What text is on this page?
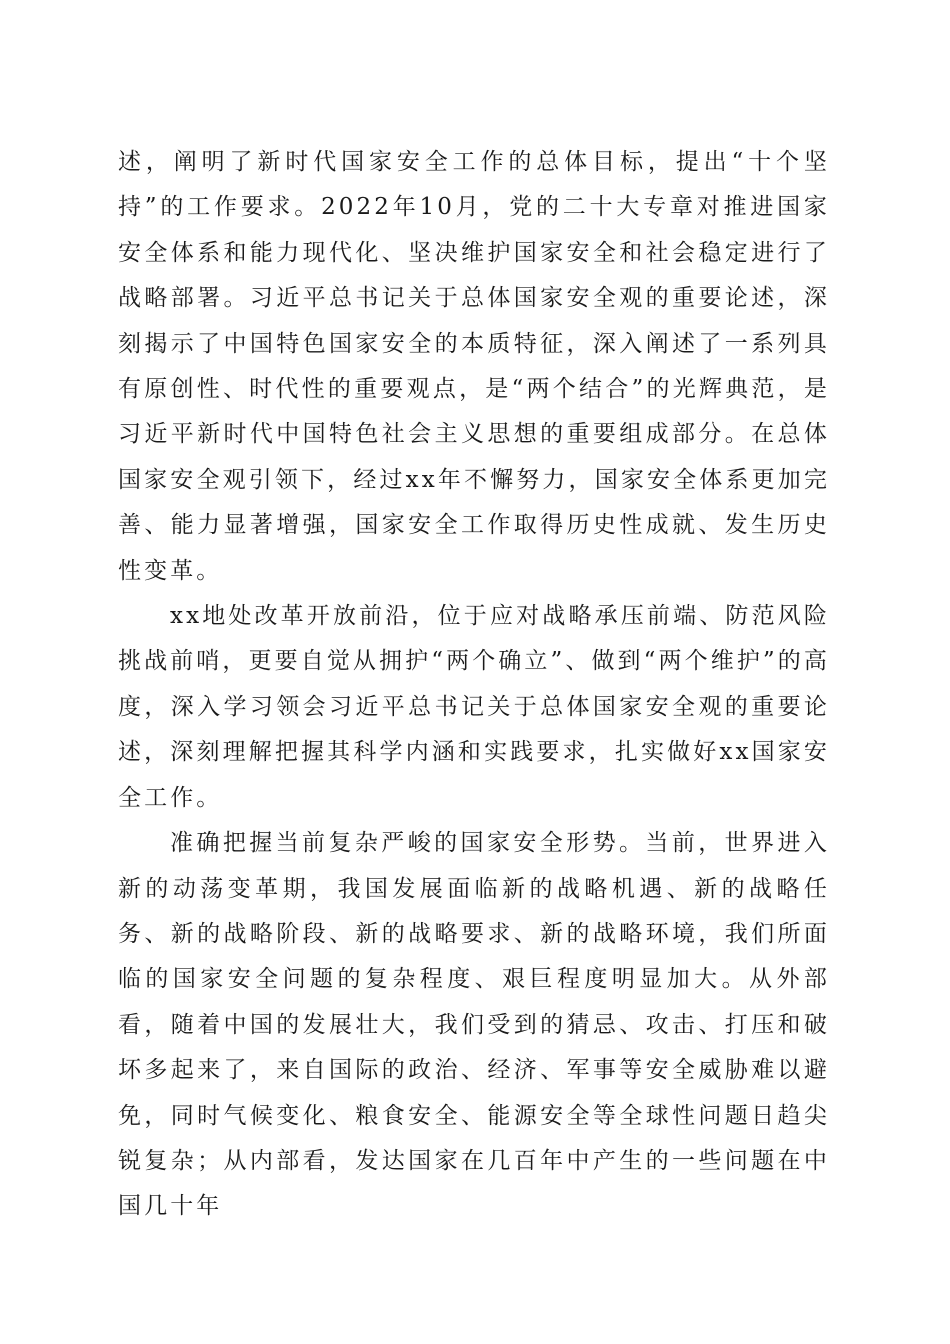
述，阐明了新时代国家安全工作的总体目标，提出“十个坚持”的工作要求。2022年10月，党的二十大专章对推进国家安全体系和能力现代化、坚决维护国家安全和社会稳定进行了战略部署。习近平总书记关于总体国家安全观的重要论述，深刻揭示了中国特色国家安全的本质特征，深入阐述了一系列具有原创性、时代性的重要观点，是“两个结合”的光辉典范，是习近平新时代中国特色社会主义思想的重要组成部分。在总体国家安全观引领下，经过xx年不懈努力，国家安全体系更加完善、能力显著增强，国家安全工作取得历史性成就、发生历史性变革。

xx地处改革开放前沿，位于应对战略承压前端、防范风险挑战前哨，更要自觉从拥护“两个确立”、做到“两个维护”的高度，深入学习领会习近平总书记关于总体国家安全观的重要论述，深刻理解把握其科学内涵和实践要求，扎实做好xx国家安全工作。

准确把握当前复杂严峻的国家安全形势。当前，世界进入新的动荡变革期，我国发展面临新的战略机遇、新的战略任务、新的战略阶段、新的战略要求、新的战略环境，我们所面临的国家安全问题的复杂程度、艰巨程度明显加大。从外部看，随着中国的发展壮大，我们受到的猜忌、攻击、打压和破坏多起来了，来自国际的政治、经济、军事等安全威胁难以避免，同时气候变化、粮食安全、能源安全等全球性问题日趋尖锐复杂；从内部看，发达国家在几百年中产生的一些问题在中国几十年
